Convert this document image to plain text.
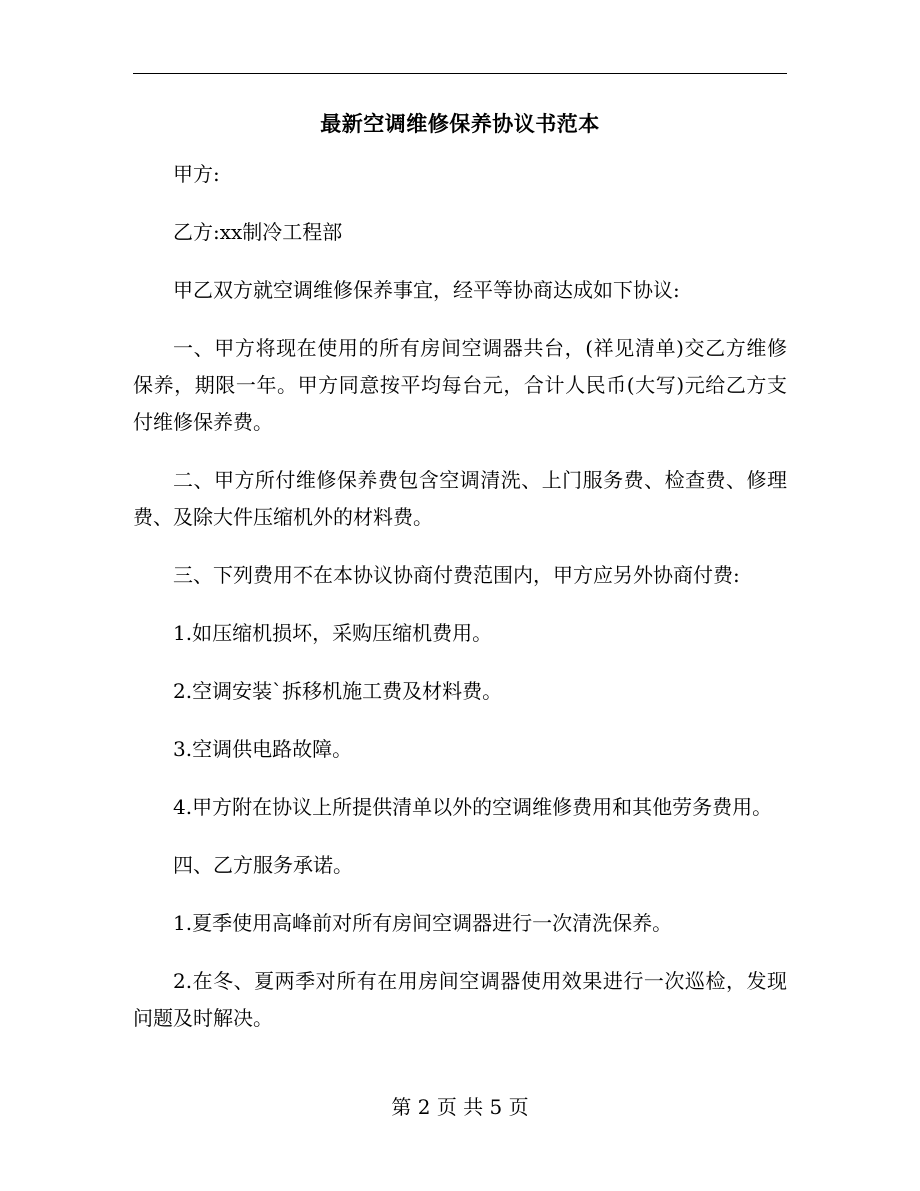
最新空调维修保养协议书范本

甲方:

乙方:xx制冷工程部

甲乙双方就空调维修保养事宜，经平等协商达成如下协议:

一、甲方将现在使用的所有房间空调器共台，(祥见清单)交乙方维修保养，期限一年。甲方同意按平均每台元，合计人民币(大写)元给乙方支付维修保养费。

二、甲方所付维修保养费包含空调清洗、上门服务费、检查费、修理费、及除大件压缩机外的材料费。

三、下列费用不在本协议协商付费范围内，甲方应另外协商付费:

1.如压缩机损坏，采购压缩机费用。

2.空调安装`拆移机施工费及材料费。

3.空调供电路故障。

4.甲方附在协议上所提供清单以外的空调维修费用和其他劳务费用。

四、乙方服务承诺。

1.夏季使用高峰前对所有房间空调器进行一次清洗保养。

2.在冬、夏两季对所有在用房间空调器使用效果进行一次巡检，发现问题及时解决。

第 2 页 共 5 页
